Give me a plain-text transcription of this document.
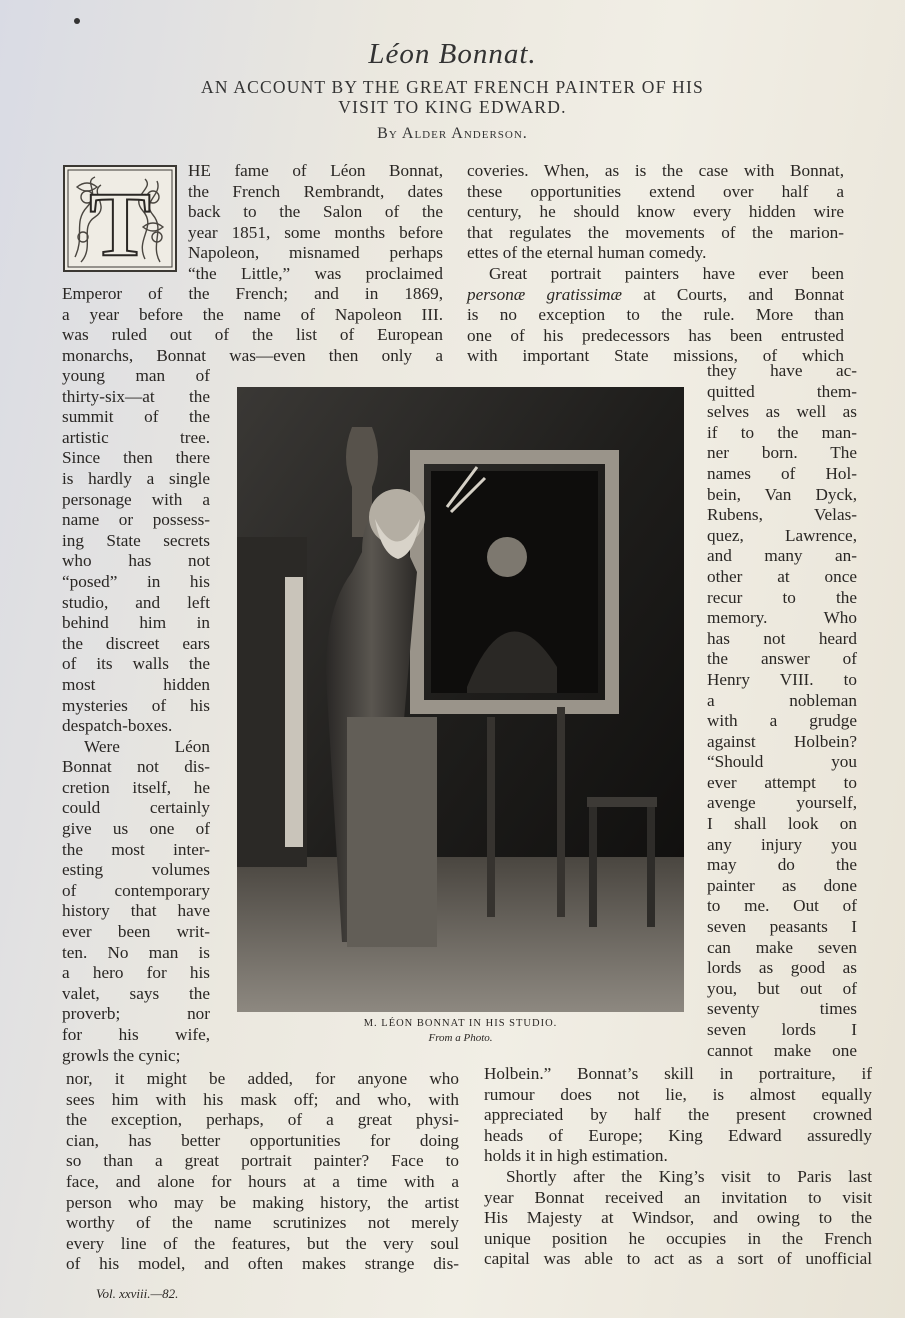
Léon Bonnat.
AN ACCOUNT BY THE GREAT FRENCH PAINTER OF HIS
VISIT TO KING EDWARD.
By Alder Anderson.
T
HE fame of Léon Bonnat,
the French Rembrandt, dates
back to the Salon of the
year 1851, some months before
Napoleon, misnamed perhaps
“the Little,” was proclaimed
Emperor of the French; and in 1869,
a year before the name of Napoleon III.
was ruled out of the list of European
monarchs, Bonnat was—even then only a
young man of
thirty-six—at the
summit of the
artistic tree.
Since then there
is hardly a single
personage with a
name or possess-
ing State secrets
who has not
“posed” in his
studio, and left
behind him in
the discreet ears
of its walls the
most hidden
mysteries of his
despatch-boxes.
Were Léon
Bonnat not dis-
cretion itself, he
could certainly
give us one of
the most inter-
esting volumes
of contemporary
history that have
ever been writ-
ten. No man is
a hero for his
valet, says the
proverb; nor
for his wife,
growls the cynic;
nor, it might be added, for anyone who
sees him with his mask off; and who, with
the exception, perhaps, of a great physi-
cian, has better opportunities for doing
so than a great portrait painter? Face to
face, and alone for hours at a time with a
person who may be making history, the artist
worthy of the name scrutinizes not merely
every line of the features, but the very soul
of his model, and often makes strange dis-
coveries. When, as is the case with Bonnat,
these opportunities extend over half a
century, he should know every hidden wire
that regulates the movements of the marion-
ettes of the eternal human comedy.
Great portrait painters have ever been
personæ gratissimæ at Courts, and Bonnat
is no exception to the rule. More than
one of his predecessors has been entrusted
with important State missions, of which
they have ac-
quitted them-
selves as well as
if to the man-
ner born. The
names of Hol-
bein, Van Dyck,
Rubens, Velas-
quez, Lawrence,
and many an-
other at once
recur to the
memory. Who
has not heard
the answer of
Henry VIII. to
a nobleman
with a grudge
against Holbein?
“Should you
ever attempt to
avenge yourself,
I shall look on
any injury you
may do the
painter as done
to me. Out of
seven peasants I
can make seven
lords as good as
you, but out of
seventy times
seven lords I
cannot make one
Holbein.” Bonnat’s skill in portraiture, if
rumour does not lie, is almost equally
appreciated by half the present crowned
heads of Europe; King Edward assuredly
holds it in high estimation.
Shortly after the King’s visit to Paris last
year Bonnat received an invitation to visit
His Majesty at Windsor, and owing to the
unique position he occupies in the French
capital was able to act as a sort of unofficial
M. LÉON BONNAT IN HIS STUDIO.
From a Photo.
Vol. xxviii.—82.
